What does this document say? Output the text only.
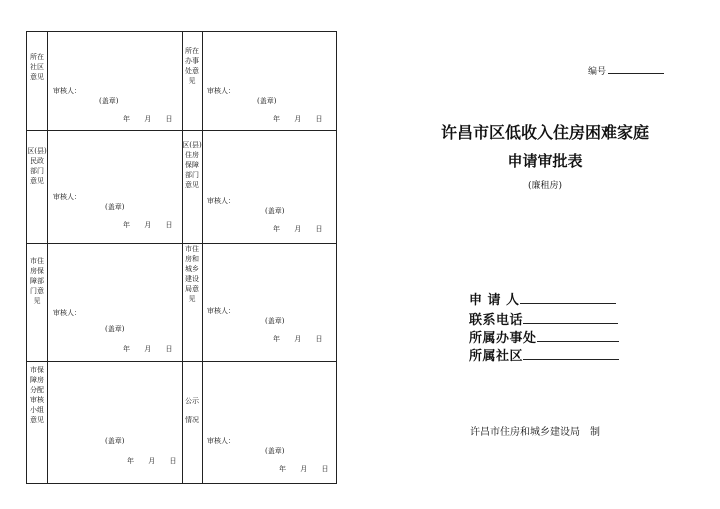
所在社区意见
审核人：
(盖章)
年 月 日
所在办事处意见
审核人：
(盖章)
年 月 日
区(县)民政部门意见
审核人：
(盖章)
年 月 日
区(县)住房保障部门意见
审核人：
(盖章)
年 月 日
市住房保障部门意见
审核人：
(盖章)
年 月 日
市住房和城乡建设局意见
审核人：
(盖章)
年 月 日
市保障房分配审核小组意见
(盖章)
年 月 日
公示情况
审核人：
(盖章)
年 月 日
编号
许昌市区低收入住房困难家庭
申请审批表
(廉租房)
申 请 人
联系电话
所属办事处
所属社区
许昌市住房和城乡建设局　制
